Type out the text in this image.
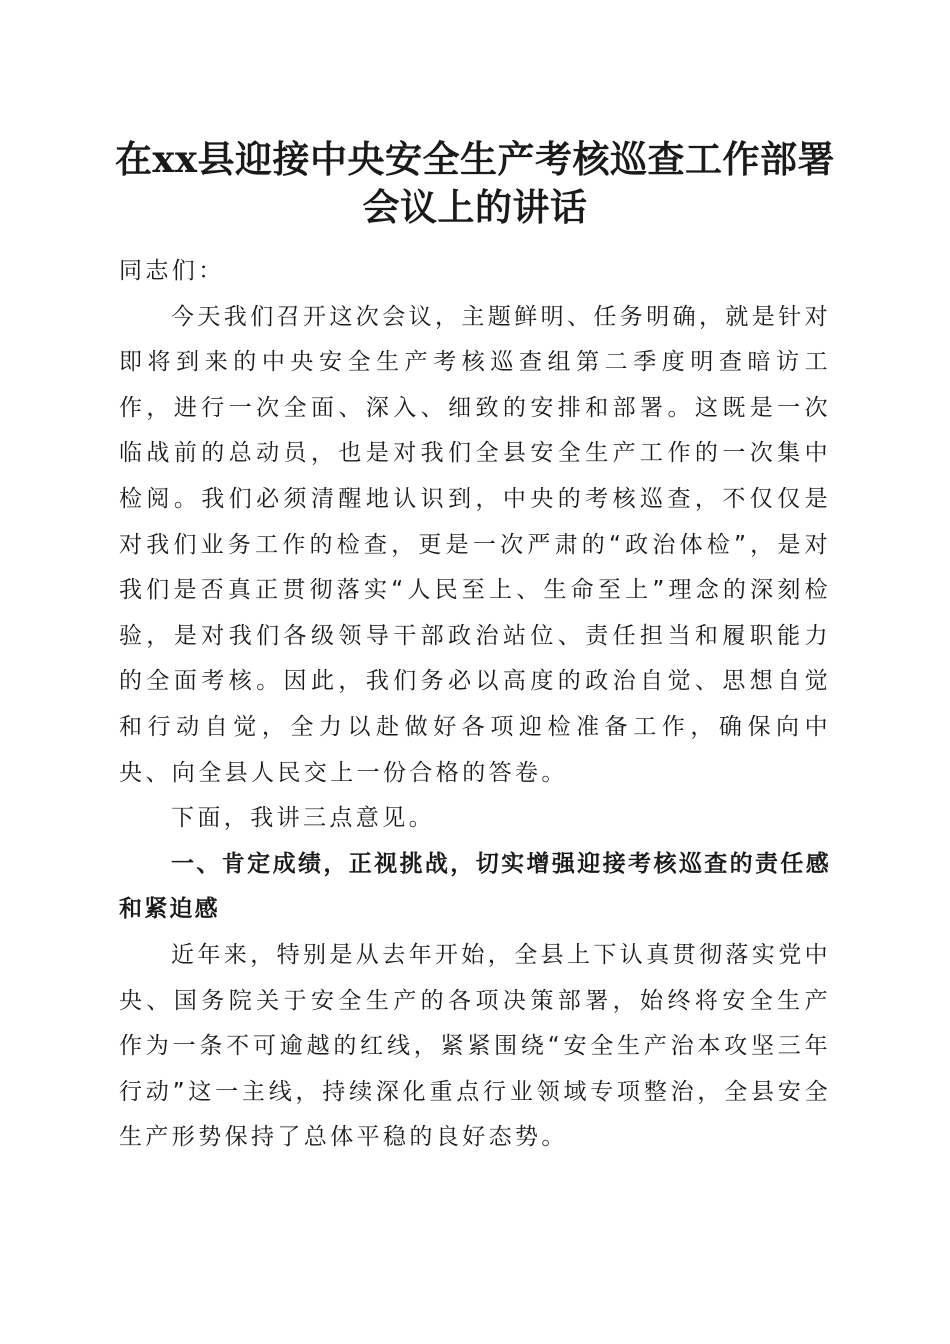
在xx县迎接中央安全生产考核巡查工作部署
会议上的讲话

同志们：

今天我们召开这次会议，主题鲜明、任务明确，就是针对即将到来的中央安全生产考核巡查组第二季度明查暗访工作，进行一次全面、深入、细致的安排和部署。这既是一次临战前的总动员，也是对我们全县安全生产工作的一次集中检阅。我们必须清醒地认识到，中央的考核巡查，不仅仅是对我们业务工作的检查，更是一次严肃的“政治体检”，是对我们是否真正贯彻落实“人民至上、生命至上”理念的深刻检验，是对我们各级领导干部政治站位、责任担当和履职能力的全面考核。因此，我们务必以高度的政治自觉、思想自觉和行动自觉，全力以赴做好各项迎检准备工作，确保向中央、向全县人民交上一份合格的答卷。

下面，我讲三点意见。

一、肯定成绩，正视挑战，切实增强迎接考核巡查的责任感和紧迫感

近年来，特别是从去年开始，全县上下认真贯彻落实党中央、国务院关于安全生产的各项决策部署，始终将安全生产作为一条不可逾越的红线，紧紧围绕“安全生产治本攻坚三年行动”这一主线，持续深化重点行业领域专项整治，全县安全生产形势保持了总体平稳的良好态势。
